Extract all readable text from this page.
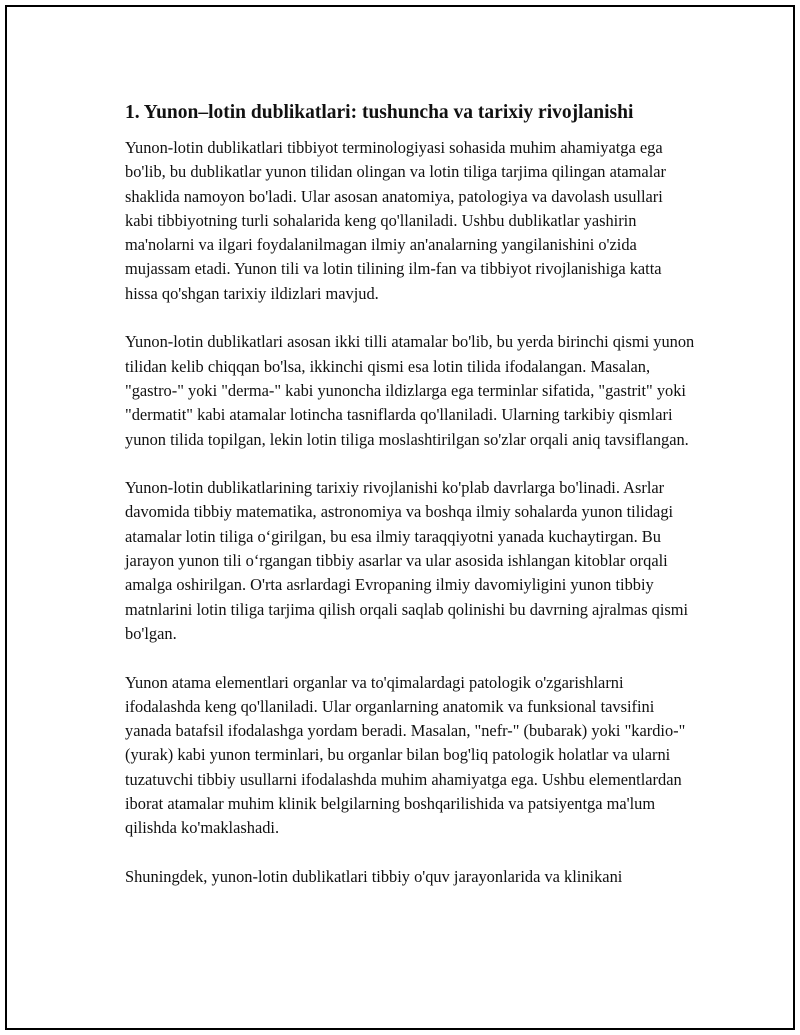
1. Yunon–lotin dublikatlari: tushuncha va tarixiy rivojlanishi

Yunon-lotin dublikatlari tibbiyot terminologiyasi sohasida muhim ahamiyatga ega bo'lib, bu dublikatlar yunon tilidan olingan va lotin tiliga tarjima qilingan atamalar shaklida namoyon bo'ladi. Ular asosan anatomiya, patologiya va davolash usullari kabi tibbiyotning turli sohalarida keng qo'llaniladi. Ushbu dublikatlar yashirin ma'nolarni va ilgari foydalanilmagan ilmiy an'analarning yangilanishini o'zida mujassam etadi. Yunon tili va lotin tilining ilm-fan va tibbiyot rivojlanishiga katta hissa qo'shgan tarixiy ildizlari mavjud.

Yunon-lotin dublikatlari asosan ikki tilli atamalar bo'lib, bu yerda birinchi qismi yunon tilidan kelib chiqqan bo'lsa, ikkinchi qismi esa lotin tilida ifodalangan. Masalan, "gastro-" yoki "derma-" kabi yunoncha ildizlarga ega terminlar sifatida, "gastrit" yoki "dermatit" kabi atamalar lotincha tasniflarda qo'llaniladi. Ularning tarkibiy qismlari yunon tilida topilgan, lekin lotin tiliga moslashtirilgan so'zlar orqali aniq tavsiflangan.

Yunon-lotin dublikatlarining tarixiy rivojlanishi ko'plab davrlarga bo'linadi. Asrlar davomida tibbiy matematika, astronomiya va boshqa ilmiy sohalarda yunon tilidagi atamalar lotin tiliga o‘girilgan, bu esa ilmiy taraqqiyotni yanada kuchaytirgan. Bu jarayon yunon tili o‘rgangan tibbiy asarlar va ular asosida ishlangan kitoblar orqali amalga oshirilgan. O'rta asrlardagi Evropaning ilmiy davomiyligini yunon tibbiy matnlarini lotin tiliga tarjima qilish orqali saqlab qolinishi bu davrning ajralmas qismi bo'lgan.

Yunon atama elementlari organlar va to'qimalardagi patologik o'zgarishlarni ifodalashda keng qo'llaniladi. Ular organlarning anatomik va funksional tavsifini yanada batafsil ifodalashga yordam beradi. Masalan, "nefr-" (bubarak) yoki "kardio-" (yurak) kabi yunon terminlari, bu organlar bilan bog'liq patologik holatlar va ularni tuzatuvchi tibbiy usullarni ifodalashda muhim ahamiyatga ega. Ushbu elementlardan iborat atamalar muhim klinik belgilarning boshqarilishida va patsiyentga ma'lum qilishda ko'maklashadi.

Shuningdek, yunon-lotin dublikatlari tibbiy o'quv jarayonlarida va klinikani
